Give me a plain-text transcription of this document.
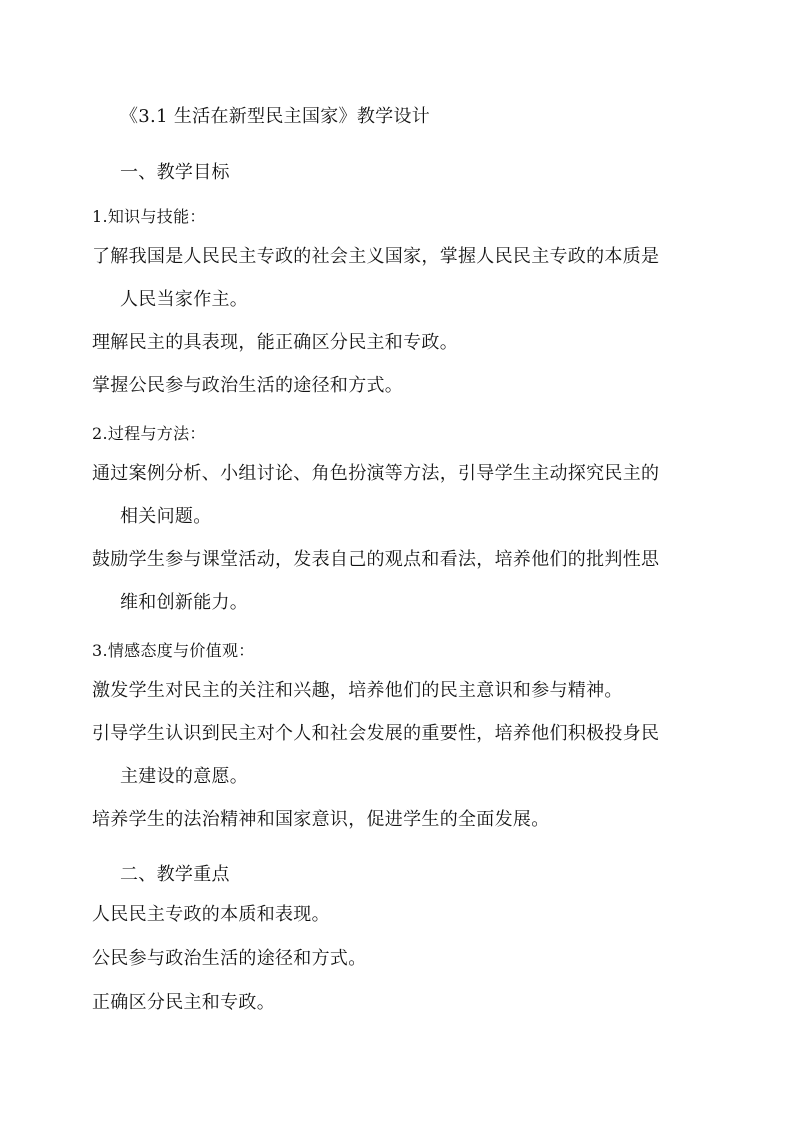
《3.1 生活在新型民主国家》教学设计
一、教学目标
1.知识与技能：
了解我国是人民民主专政的社会主义国家，掌握人民民主专政的本质是
人民当家作主。
理解民主的具表现，能正确区分民主和专政。
掌握公民参与政治生活的途径和方式。
2.过程与方法：
通过案例分析、小组讨论、角色扮演等方法，引导学生主动探究民主的
相关问题。
鼓励学生参与课堂活动，发表自己的观点和看法，培养他们的批判性思
维和创新能力。
3.情感态度与价值观：
激发学生对民主的关注和兴趣，培养他们的民主意识和参与精神。
引导学生认识到民主对个人和社会发展的重要性，培养他们积极投身民
主建设的意愿。
培养学生的法治精神和国家意识，促进学生的全面发展。
二、教学重点
人民民主专政的本质和表现。
公民参与政治生活的途径和方式。
正确区分民主和专政。
